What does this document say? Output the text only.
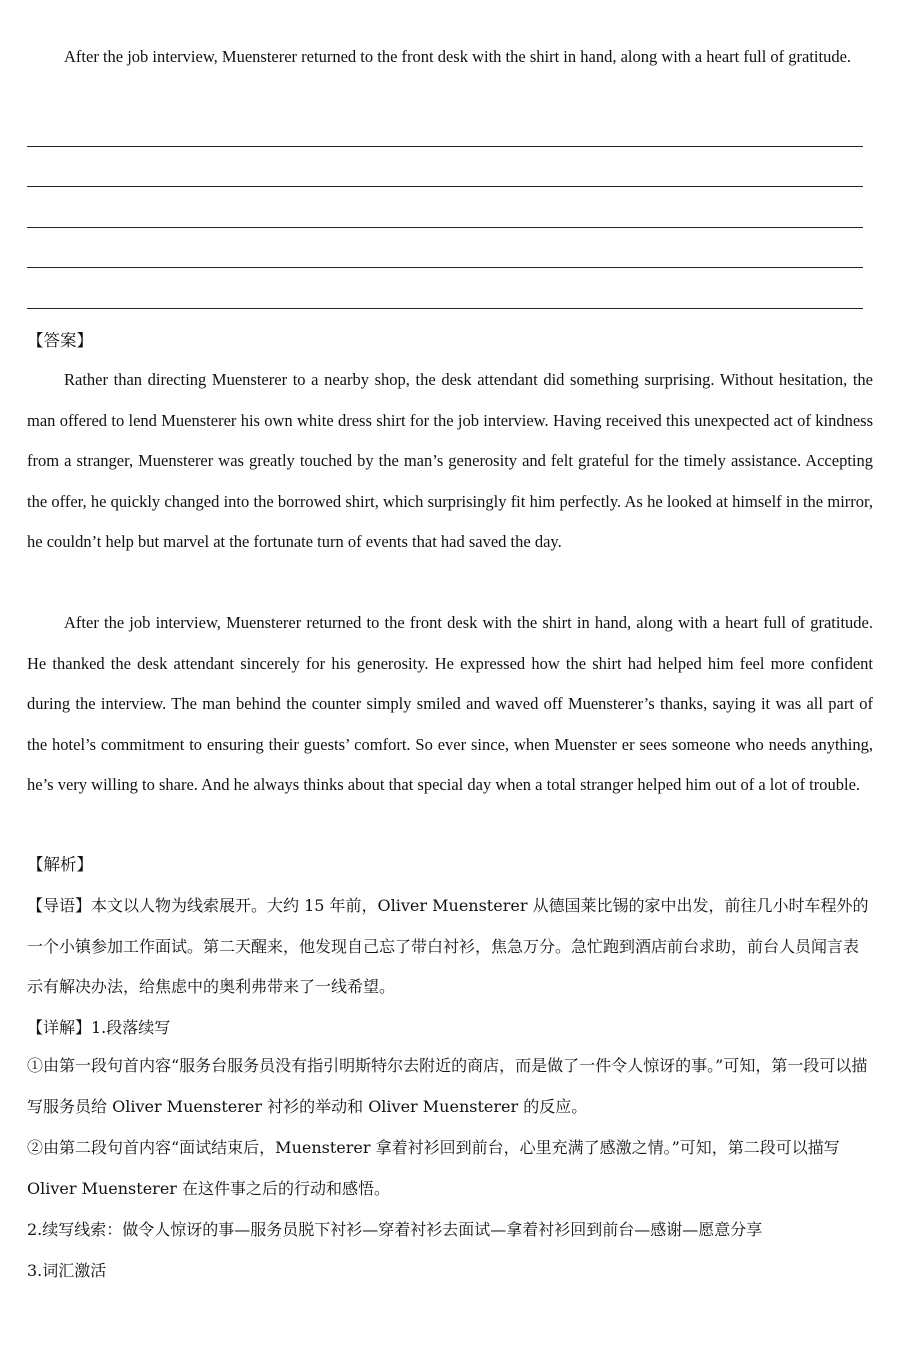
After the job interview, Muensterer returned to the front desk with the shirt in hand, along with a heart full of gratitude.

【答案】

Rather than directing Muensterer to a nearby shop, the desk attendant did something surprising. Without hesitation, the man offered to lend Muensterer his own white dress shirt for the job interview. Having received this unexpected act of kindness from a stranger, Muensterer was greatly touched by the man’s generosity and felt grateful for the timely assistance. Accepting the offer, he quickly changed into the borrowed shirt, which surprisingly fit him perfectly. As he looked at himself in the mirror, he couldn’t help but marvel at the fortunate turn of events that had saved the day.

After the job interview, Muensterer returned to the front desk with the shirt in hand, along with a heart full of gratitude. He thanked the desk attendant sincerely for his generosity. He expressed how the shirt had helped him feel more confident during the interview. The man behind the counter simply smiled and waved off Muensterer’s thanks, saying it was all part of the hotel’s commitment to ensuring their guests’ comfort. So ever since, when Muenster er sees someone who needs anything, he’s very willing to share. And he always thinks about that special day when a total stranger helped him out of a lot of trouble.

【解析】

【导语】本文以人物为线索展开。大约 15 年前，Oliver Muensterer 从德国莱比锡的家中出发，前往几小时车程外的一个小镇参加工作面试。第二天醒来，他发现自己忘了带白衬衫，焦急万分。急忙跑到酒店前台求助，前台人员闻言表示有解决办法，给焦虑中的奥利弗带来了一线希望。

【详解】1.段落续写

①由第一段句首内容“服务台服务员没有指引明斯特尔去附近的商店，而是做了一件令人惊讶的事。”可知，第一段可以描写服务员给 Oliver Muensterer 衬衫的举动和 Oliver Muensterer 的反应。

②由第二段句首内容“面试结束后，Muensterer 拿着衬衫回到前台，心里充满了感激之情。”可知，第二段可以描写 Oliver Muensterer 在这件事之后的行动和感悟。

2.续写线索：做令人惊讶的事—服务员脱下衬衫—穿着衬衫去面试—拿着衬衫回到前台—感谢—愿意分享
3.词汇激活
